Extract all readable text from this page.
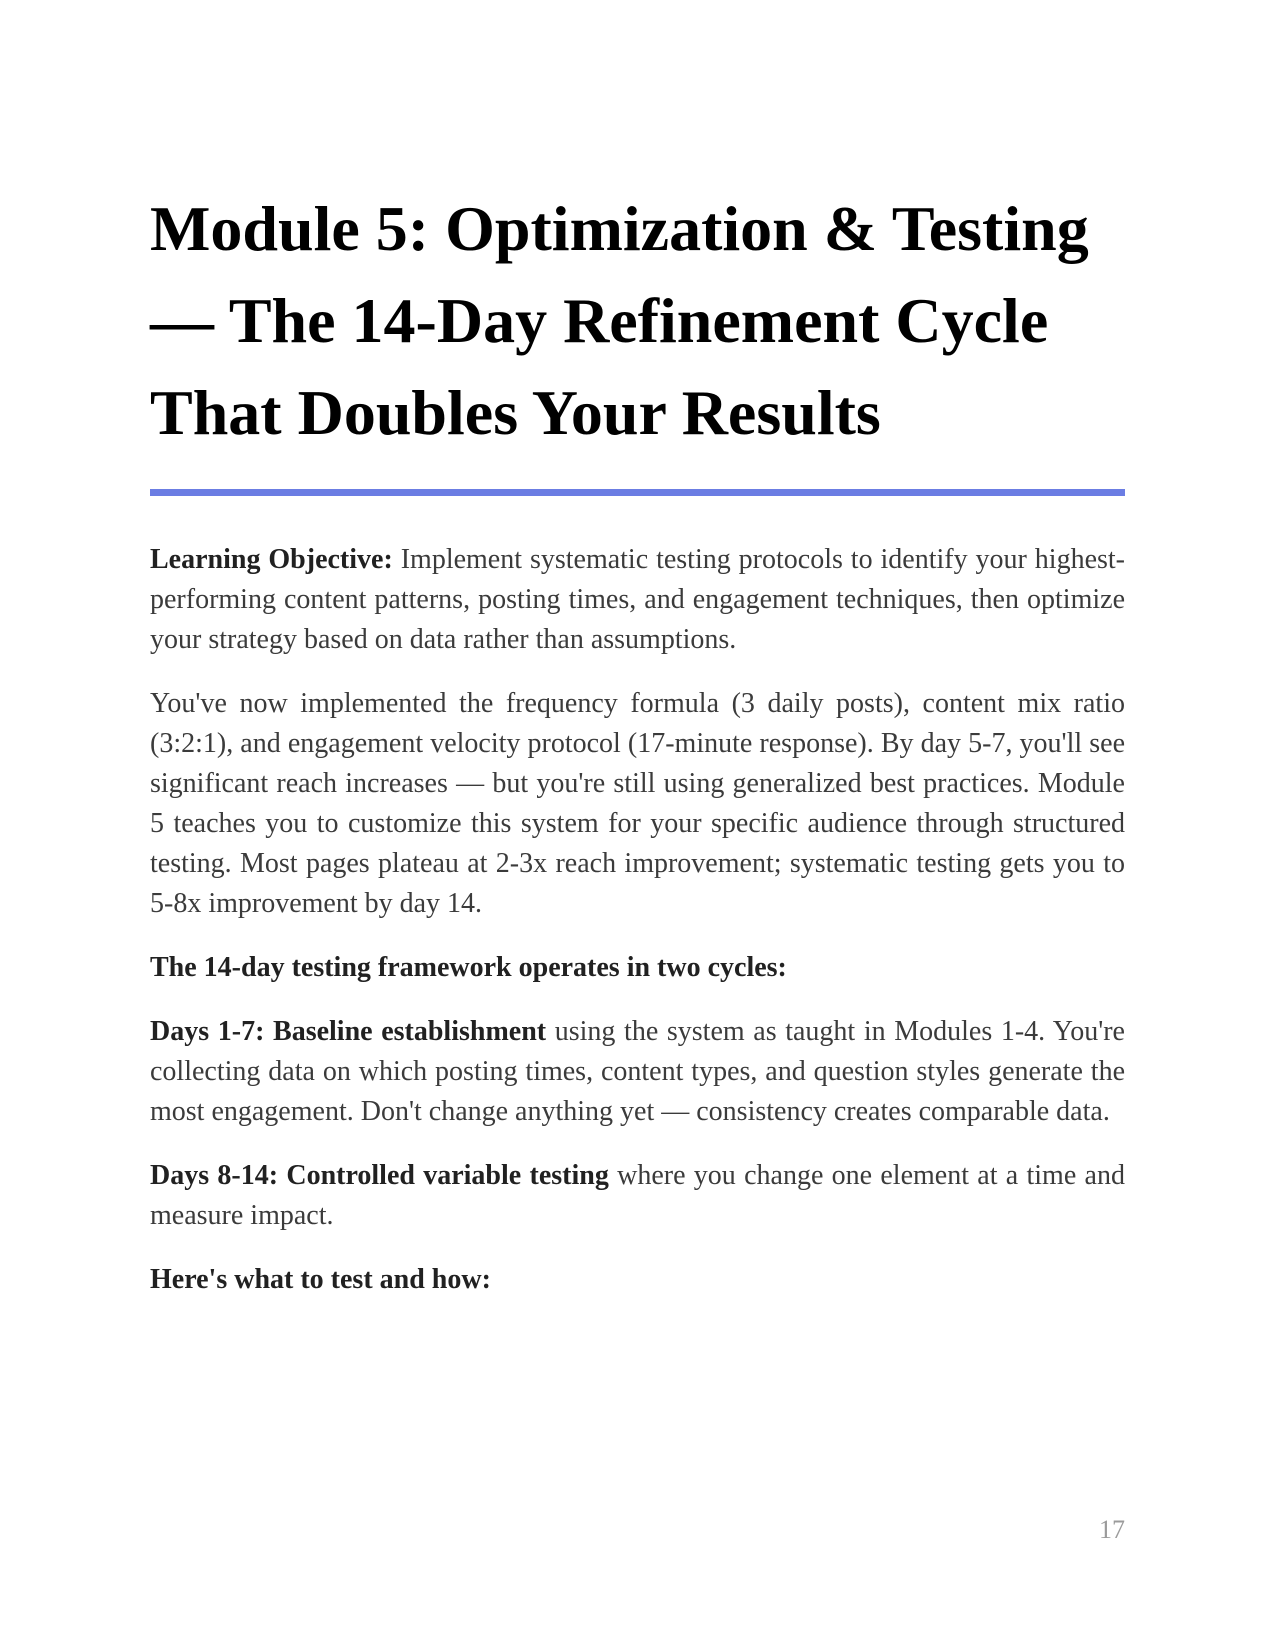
Module 5: Optimization & Testing — The 14-Day Refinement Cycle That Doubles Your Results

Learning Objective: Implement systematic testing protocols to identify your highest-performing content patterns, posting times, and engagement techniques, then optimize your strategy based on data rather than assumptions.

You've now implemented the frequency formula (3 daily posts), content mix ratio (3:2:1), and engagement velocity protocol (17-minute response). By day 5-7, you'll see significant reach increases — but you're still using generalized best practices. Module 5 teaches you to customize this system for your specific audience through structured testing. Most pages plateau at 2-3x reach improvement; systematic testing gets you to 5-8x improvement by day 14.

The 14-day testing framework operates in two cycles:

Days 1-7: Baseline establishment using the system as taught in Modules 1-4. You're collecting data on which posting times, content types, and question styles generate the most engagement. Don't change anything yet — consistency creates comparable data.

Days 8-14: Controlled variable testing where you change one element at a time and measure impact.

Here's what to test and how:

17
